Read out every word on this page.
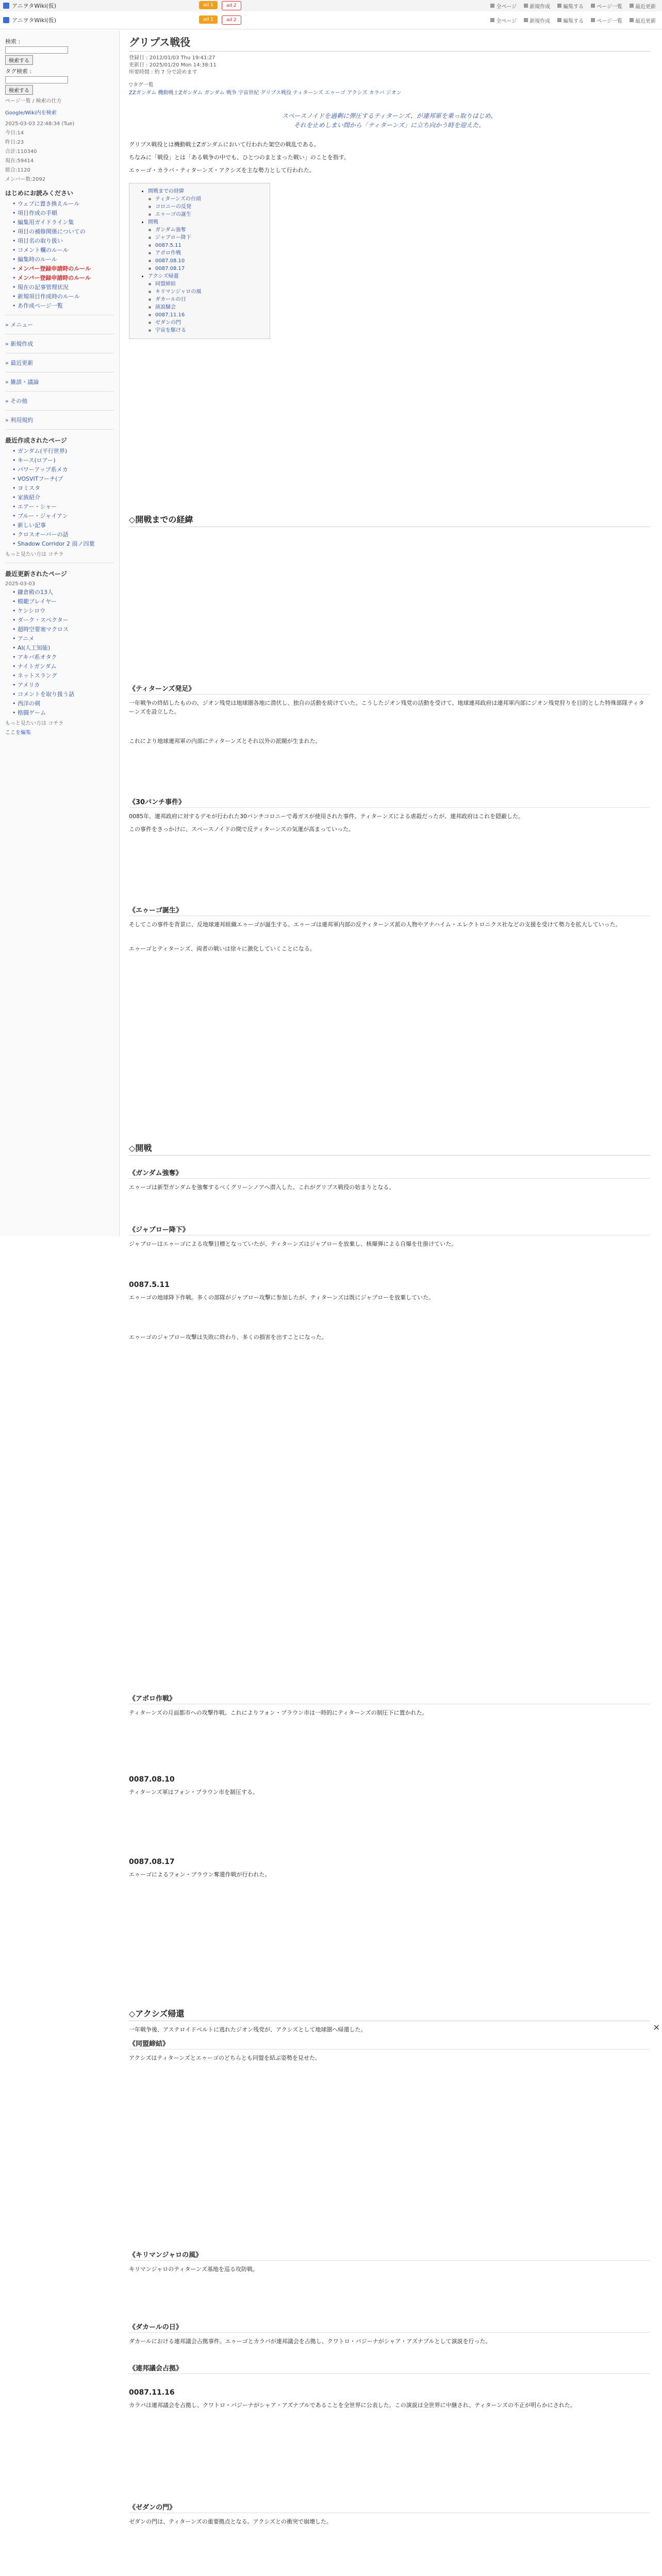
アニヲタWiki(仮)	ad 1	ad 2	全ページ	新規作成	編集する	ページ一覧	最近更新
アニヲタWiki(仮)	ad 1	ad 2	全ページ	新規作成	編集する	ページ一覧	最近更新
検索 :
検索する
タグ検索 :
検索する
ページ一覧 / 検索の仕方
Google/Wiki内を検索
2025-03-03 22:48:34 (Tue)
今日:14
昨日:23
合計:110340
現在:59414
総合:1120
メンバー数:2092
はじめにお読みください
• ウェブに置き換えルール
• 項目作成の手順
• 編集用ガイドライン集
• 項目の補修関係についての
• 項目名の取り扱い
• コメント欄のルール
• 編集時のルール
• メンバー登録申請時のルール
• メンバー登録申請時のルール
• 現在の記事管理状況
• 新規項目作成時のルール
• あ作成ページ一覧
» メニュー
» 新規作成
» 最近更新
» 雑談・議論
» その他
» 利用規約
最近作成されたページ
• ガンダム(平行世界)
• キース(ロアー)
• パワーアップ系メカ
• VOSVITフーチ(プ
• ヨミスタ
• 家族紹介
• エアー・シャー
• ブルー・ジャイアン
• 新しい記事
• クロスオーバーの話
• Shadow Corridor 2 雨ノ四葉
もっと見たい方は コチラ
最近更新されたページ
2025-03-03
• 鎌倉殿の13人
• 模範プレイヤー
• ケンシロウ
• ダーク・スペクター
• 超時空要塞マクロス
• アニメ
• AI(人工知能)
• アキバ系オタク
• ナイトガンダム
• ネットスラング
• アメリカ
• コメントを取り扱う話
• 西洋の剣
• 格闘ゲーム
もっと見たい方は コチラ
ここを編集
グリプス戦役
登録日 : 2012/01/03 Thu 19:41:27
更新日 : 2025/01/20 Mon 14:38:11
所要時間 : 約 7 分で読めます
▽タグ一覧
ZZガンダム 機動戦士Zガンダム ガンダム 戦争 宇宙世紀 グリプス戦役 ティターンズ エゥーゴ アクシズ カラバ ジオン
スペースノイドを過剰に弾圧するティターンズ、が連邦軍を乗っ取りはじめ、
それを止めしまい間から「ティターンズ」に立ち向かう時を迎えた。
グリプス戦役とは機動戦士Zガンダムにおいて行われた架空の戦乱である。
ちなみに「戦役」とは「ある戦争の中でも、ひとつのまとまった戦い」のことを指す。
エゥーゴ・カラバ・ティターンズ・アクシズを主な勢力として行われた。
• 開戦までの経緯
◦ ティターンズの台頭
◦ コロニーの反発
◦ エゥーゴの誕生
• 開戦
◦ ガンダム強奪
◦ ジャブロー降下
◦ 0087.5.11
◦ アポロ作戦
◦ 0087.08.10
◦ 0087.08.17
• アクシズ帰還
◦ 同盟締結
◦ キリマンジャロの風
◦ ダカールの日
◦ 演説騒会
◦ 0087.11.16
◦ ゼダンの門
◦ 宇宙を駆ける
◇開戦までの経緯
《ティターンズ発足》
一年戦争の終結したものの、ジオン残党は地球圏各地に潜伏し、独自の活動を続けていた。こうしたジオン残党の活動を受けて、地球連邦政府は連邦軍内部にジオン残党狩りを目的とした特殊部隊ティターンズを設立した。
これにより地球連邦軍の内部にティターンズとそれ以外の派閥が生まれた。
《30バンチ事件》
0085年、連邦政府に対するデモが行われた30バンチコロニーで毒ガスが使用された事件。ティターンズによる虐殺だったが、連邦政府はこれを隠蔽した。
この事件をきっかけに、スペースノイドの間で反ティターンズの気運が高まっていった。
《エゥーゴ誕生》
そしてこの事件を背景に、反地球連邦組織エゥーゴが誕生する。エゥーゴは連邦軍内部の反ティターンズ派の人物やアナハイム・エレクトロニクス社などの支援を受けて勢力を拡大していった。
エゥーゴとティターンズ、両者の戦いは徐々に激化していくことになる。
◇開戦
《ガンダム強奪》
エゥーゴは新型ガンダムを強奪するべくグリーンノアへ潜入した。これがグリプス戦役の始まりとなる。
《ジャブロー降下》
ジャブローはエゥーゴによる攻撃目標となっていたが、ティターンズはジャブローを放棄し、核爆弾による自爆を仕掛けていた。
0087.5.11
エゥーゴの地球降下作戦。多くの部隊がジャブロー攻撃に参加したが、ティターンズは既にジャブローを放棄していた。
エゥーゴのジャブロー攻撃は失敗に終わり、多くの損害を出すことになった。
《アポロ作戦》
ティターンズの月面都市への攻撃作戦。これによりフォン・ブラウン市は一時的にティターンズの制圧下に置かれた。
0087.08.10
ティターンズ軍はフォン・ブラウン市を制圧する。
0087.08.17
エゥーゴによるフォン・ブラウン奪還作戦が行われた。
◇アクシズ帰還
一年戦争後、アステロイドベルトに逃れたジオン残党が、アクシズとして地球圏へ帰還した。
《同盟締結》
アクシズはティターンズとエゥーゴのどちらとも同盟を結ぶ姿勢を見せた。
《キリマンジャロの風》
キリマンジャロのティターンズ基地を巡る攻防戦。
《ダカールの日》
ダカールにおける連邦議会占拠事件。エゥーゴとカラバが連邦議会を占拠し、クワトロ・バジーナがシャア・アズナブルとして演説を行った。
《連邦議会占拠》
0087.11.16
カラバは連邦議会を占拠し、クワトロ・バジーナがシャア・アズナブルであることを全世界に公表した。この演説は全世界に中継され、ティターンズの不正が明らかにされた。
《ゼダンの門》
ゼダンの門は、ティターンズの重要拠点となる。アクシズとの衝突で崩壊した。
✕
